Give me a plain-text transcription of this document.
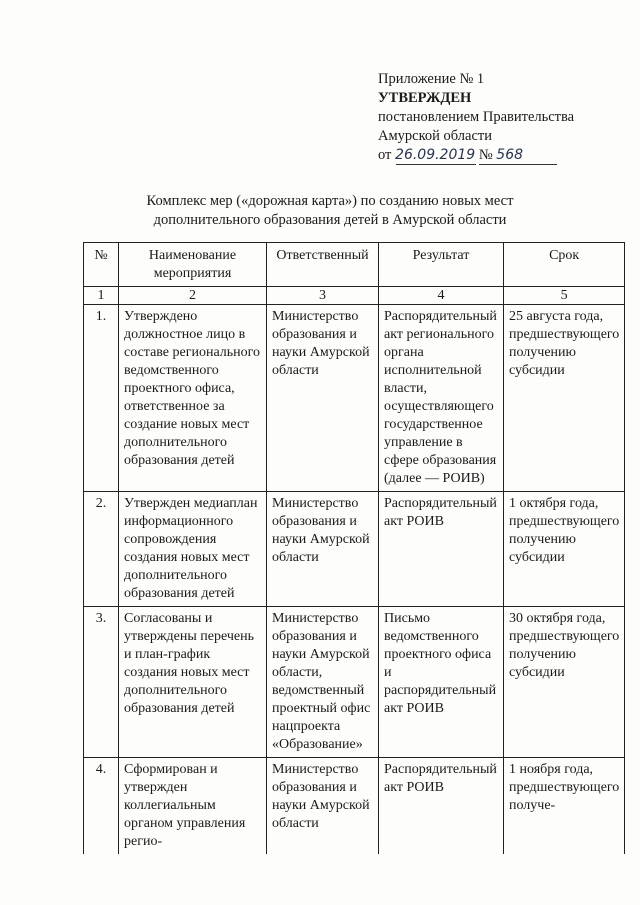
Приложение № 1
УТВЕРЖДЕН
постановлением Правительства
Амурской области
от 26.09.2019 № 568
Комплекс мер («дорожная карта») по созданию новых мест
дополнительного образования детей в Амурской области
№	Наименование мероприятия	Ответственный	Результат	Срок
1	2	3	4	5
1.	Утверждено должностное лицо в составе регионального ведомственного проектного офиса, ответственное за создание новых мест дополнительного образования детей	Министерство образования и науки Амурской области	Распорядительный акт регионального органа исполнительной власти, осуществляющего государственное управление в сфере образования (далее — РОИВ)	25 августа года, предшествующего получению субсидии
2.	Утвержден медиаплан информационного сопровождения создания новых мест дополнительного образования детей	Министерство образования и науки Амурской области	Распорядительный акт РОИВ	1 октября года, предшествующего получению субсидии
3.	Согласованы и утверждены перечень и план-график создания новых мест дополнительного образования детей	Министерство образования и науки Амурской области, ведомственный проектный офис нацпроекта «Образование»	Письмо ведомственного проектного офиса и распорядительный акт РОИВ	30 октября года, предшествующего получению субсидии
4.	Сформирован и утвержден коллегиальным органом управления регио-	Министерство образования и науки Амурской области	Распорядительный акт РОИВ	1 ноября года, предшествующего получе-
